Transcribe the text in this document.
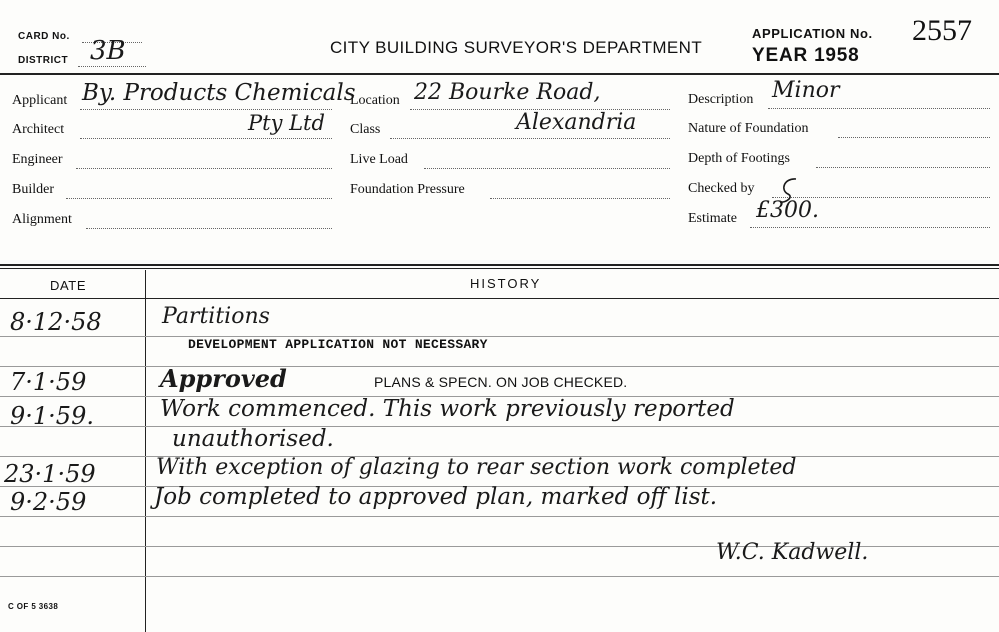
CARD No.
DISTRICT 3B	CITY BUILDING SURVEYOR'S DEPARTMENT
APPLICATION No. 2557
YEAR 1958
Applicant By. Products Chemicals
Architect	Pty Ltd
Engineer
Builder
Alignment
Location 22 Bourke Road,
Class	Alexandria
Live Load
Foundation Pressure
Description Minor
Nature of Foundation
Depth of Footings
Checked by
Estimate £300.
DATE	HISTORY
8·12·58	Partitions
DEVELOPMENT APPLICATION NOT NECESSARY
7·1·59	Approved	PLANS & SPECN. ON JOB CHECKED.
9·1·59.	Work commenced. This work previously reported
unauthorised.
23·1·59	With exception of glazing to rear section work completed
9·2·59	Job completed to approved plan, marked off list.
W.C. Kadwell.
C OF 5 3638
